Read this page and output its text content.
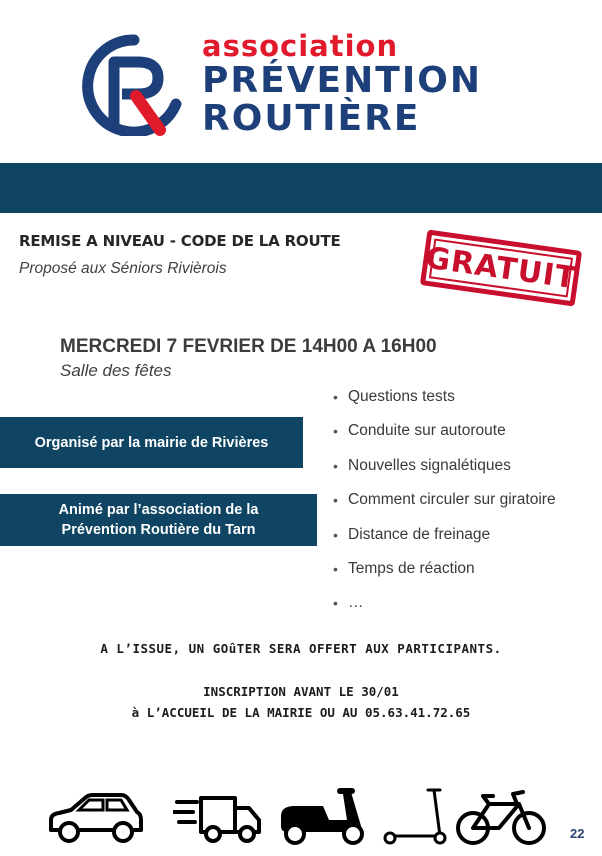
association
PRÉVENTION
ROUTIÈRE
REMISE A NIVEAU - CODE DE LA ROUTE
Proposé aux Séniors Rivièrois	GRATUIT
MERCREDI 7 FEVRIER DE 14H00 A 16H00
Salle des fêtes
Organisé par la mairie de Rivières
Animé par l’association de la
Prévention Routière du Tarn
• Questions tests
• Conduite sur autoroute
• Nouvelles signalétiques
• Comment circuler sur giratoire
• Distance de freinage
• Temps de réaction
• …
A L’ISSUE, UN GOûTER SERA OFFERT AUX PARTICIPANTS.
INSCRIPTION AVANT LE 30/01
à L’ACCUEIL DE LA MAIRIE OU AU 05.63.41.72.65
22
